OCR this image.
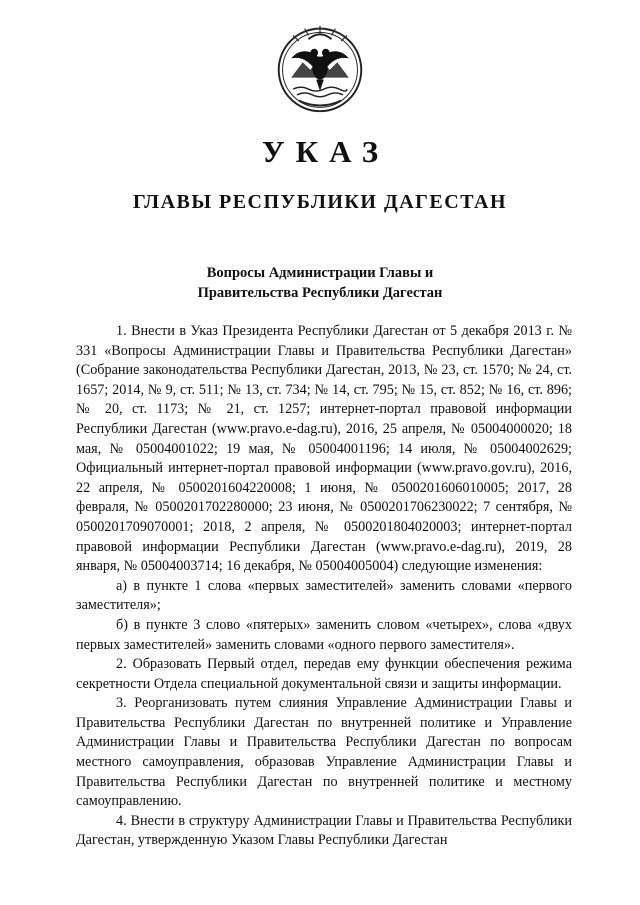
УКАЗ
ГЛАВЫ РЕСПУБЛИКИ ДАГЕСТАН
Вопросы Администрации Главы и
Правительства Республики Дагестан

1. Внести в Указ Президента Республики Дагестан от 5 декабря 2013 г. № 331 «Вопросы Администрации Главы и Правительства Республики Дагестан» (Собрание законодательства Республики Дагестан, 2013, № 23, ст. 1570; № 24, ст. 1657; 2014, № 9, ст. 511; № 13, ст. 734; № 14, ст. 795; № 15, ст. 852; № 16, ст. 896; № 20, ст. 1173; № 21, ст. 1257; интернет-портал правовой информации Республики Дагестан (www.pravo.e-dag.ru), 2016, 25 апреля, № 05004000020; 18 мая, № 05004001022; 19 мая, № 05004001196; 14 июля, № 05004002629; Официальный интернет-портал правовой информации (www.pravo.gov.ru), 2016, 22 апреля, № 0500201604220008; 1 июня, № 0500201606010005; 2017, 28 февраля, № 0500201702280000; 23 июня, № 0500201706230022; 7 сентября, № 0500201709070001; 2018, 2 апреля, № 0500201804020003; интернет-портал правовой информации Республики Дагестан (www.pravo.e-dag.ru), 2019, 28 января, № 05004003714; 16 декабря, № 05004005004) следующие изменения:

а) в пункте 1 слова «первых заместителей» заменить словами «первого заместителя»;

б) в пункте 3 слово «пятерых» заменить словом «четырех», слова «двух первых заместителей» заменить словами «одного первого заместителя».

2. Образовать Первый отдел, передав ему функции обеспечения режима секретности Отдела специальной документальной связи и защиты информации.

3. Реорганизовать путем слияния Управление Администрации Главы и Правительства Республики Дагестан по внутренней политике и Управление Администрации Главы и Правительства Республики Дагестан по вопросам местного самоуправления, образовав Управление Администрации Главы и Правительства Республики Дагестан по внутренней политике и местному самоуправлению.

4. Внести в структуру Администрации Главы и Правительства Республики Дагестан, утвержденную Указом Главы Республики Дагестан
